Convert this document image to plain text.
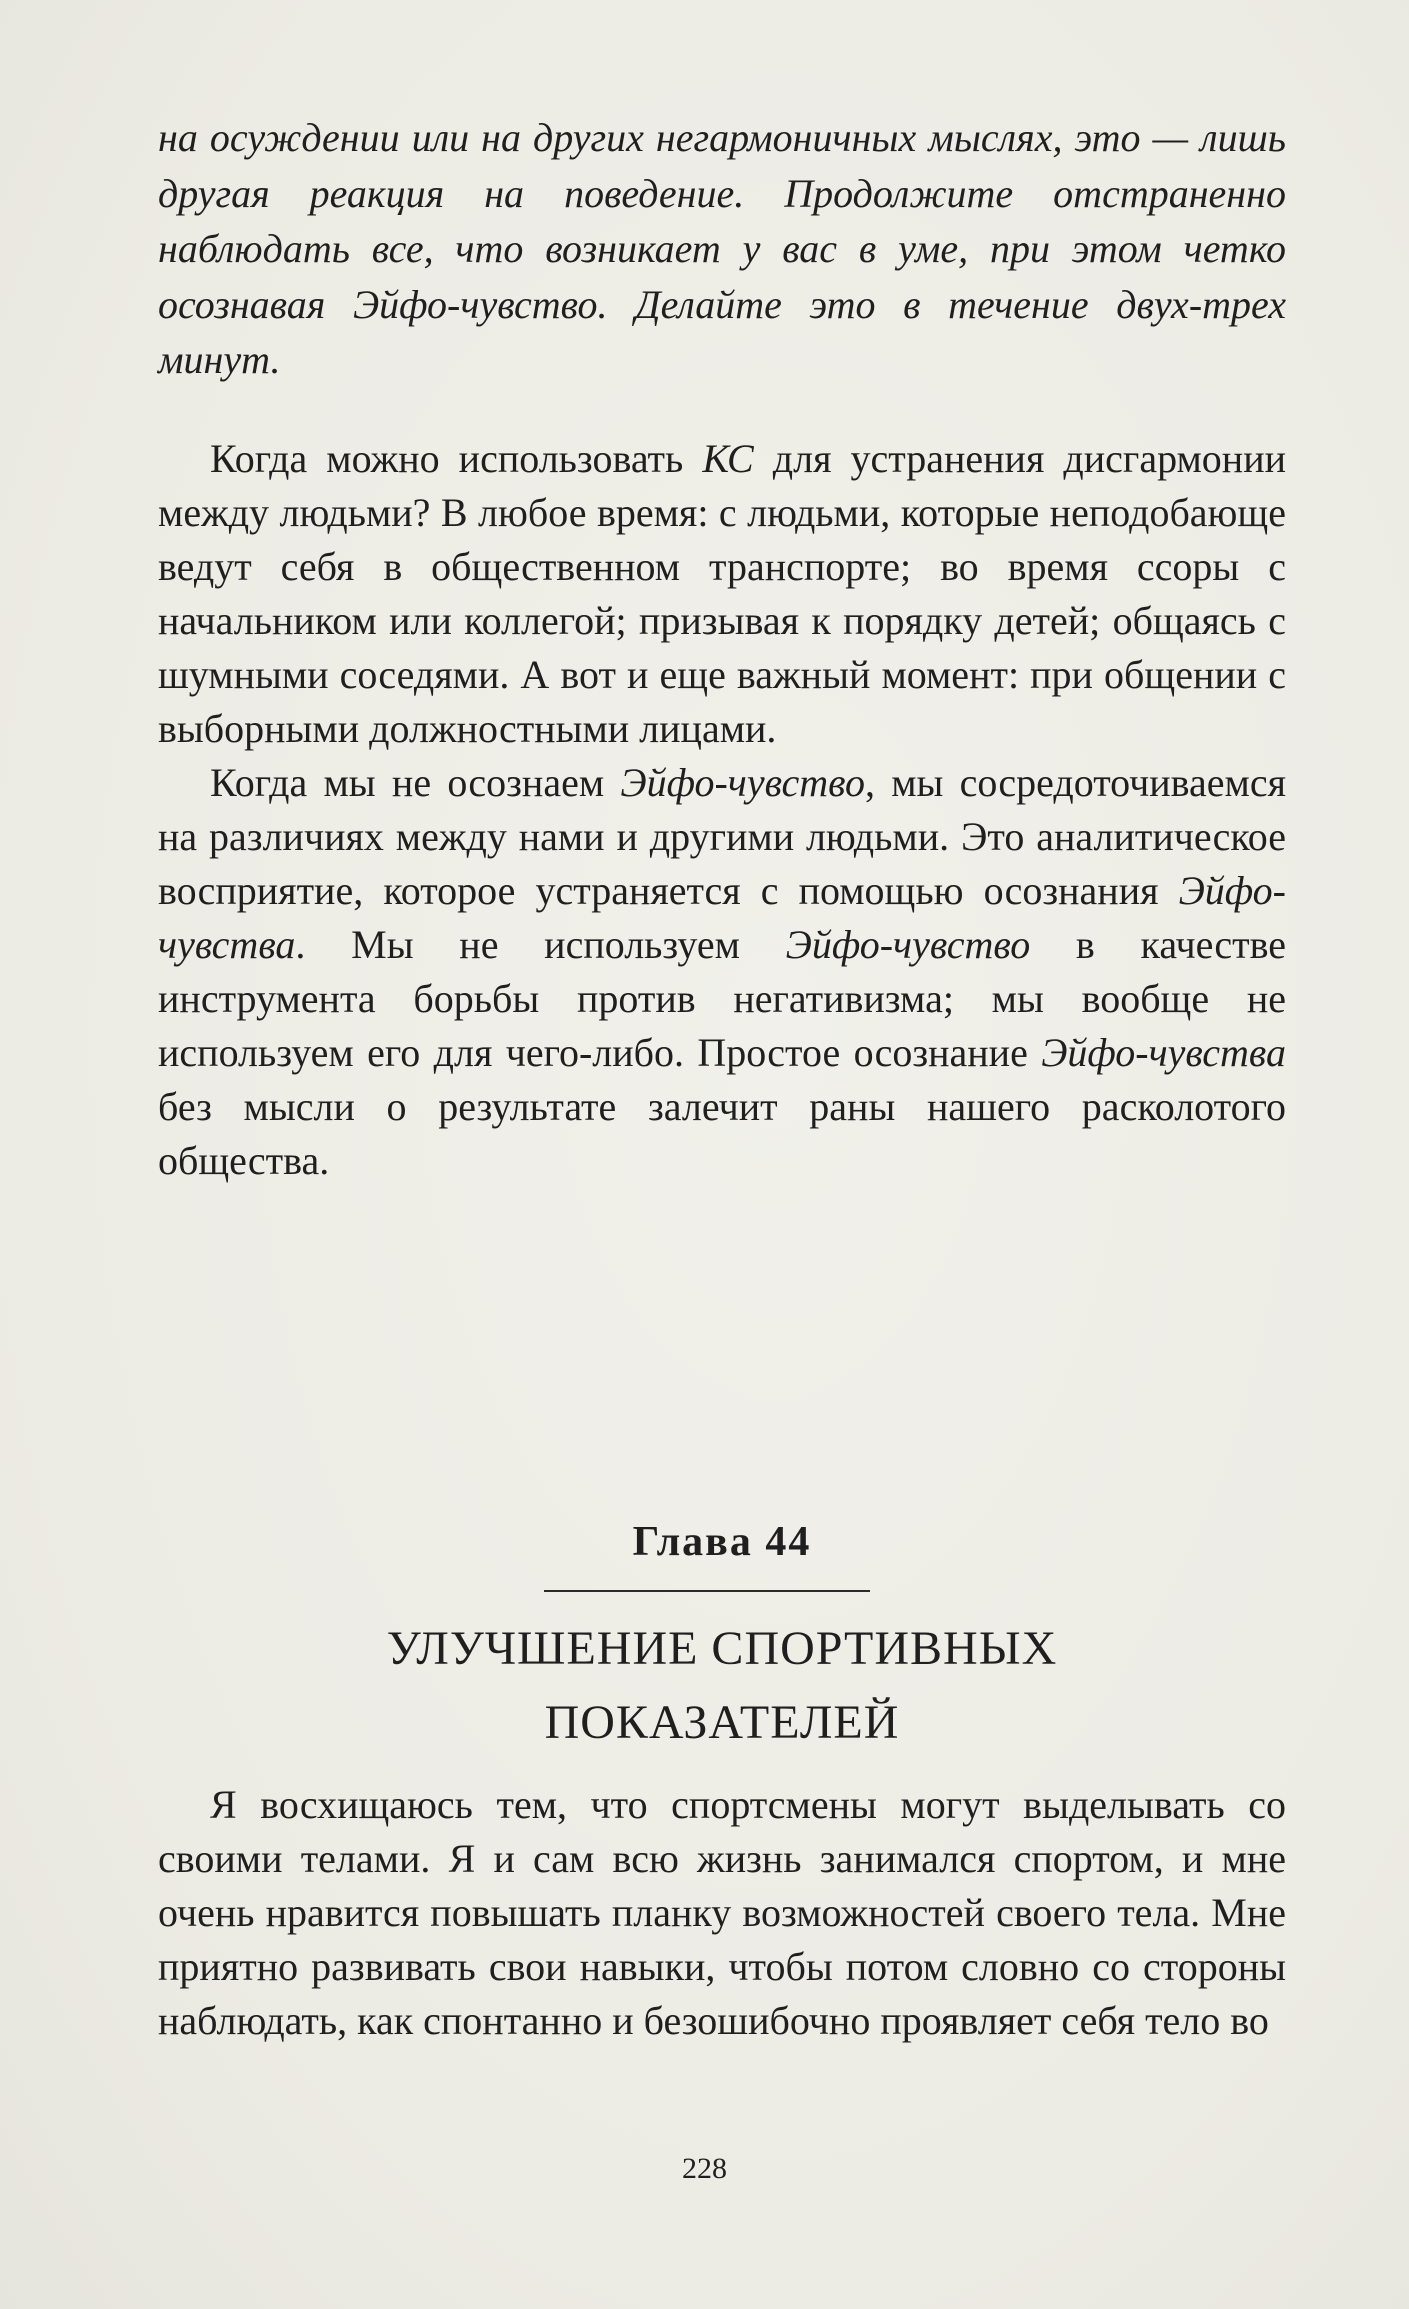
на осуждении или на других негармоничных мыслях, это — лишь другая реакция на поведение. Продолжите отстраненно наблюдать все, что возникает у вас в уме, при этом четко осознавая Эйфо-чувство. Делайте это в течение двух-трех минут.

Когда можно использовать КС для устранения дисгармонии между людьми? В любое время: с людьми, которые неподобающе ведут себя в общественном транспорте; во время ссоры с начальником или коллегой; призывая к порядку детей; общаясь с шумными соседями. А вот и еще важный момент: при общении с выборными должностными лицами.

Когда мы не осознаем Эйфо-чувство, мы сосредоточиваемся на различиях между нами и другими людьми. Это аналитическое восприятие, которое устраняется с помощью осознания Эйфо-чувства. Мы не используем Эйфо-чувство в качестве инструмента борьбы против негативизма; мы вообще не используем его для чего-либо. Простое осознание Эйфо-чувства без мысли о результате залечит раны нашего расколотого общества.

Глава 44
УЛУЧШЕНИЕ СПОРТИВНЫХ
ПОКАЗАТЕЛЕЙ

Я восхищаюсь тем, что спортсмены могут выделывать со своими телами. Я и сам всю жизнь занимался спортом, и мне очень нравится повышать планку возможностей своего тела. Мне приятно развивать свои навыки, чтобы потом словно со стороны наблюдать, как спонтанно и безошибочно проявляет себя тело во

228
